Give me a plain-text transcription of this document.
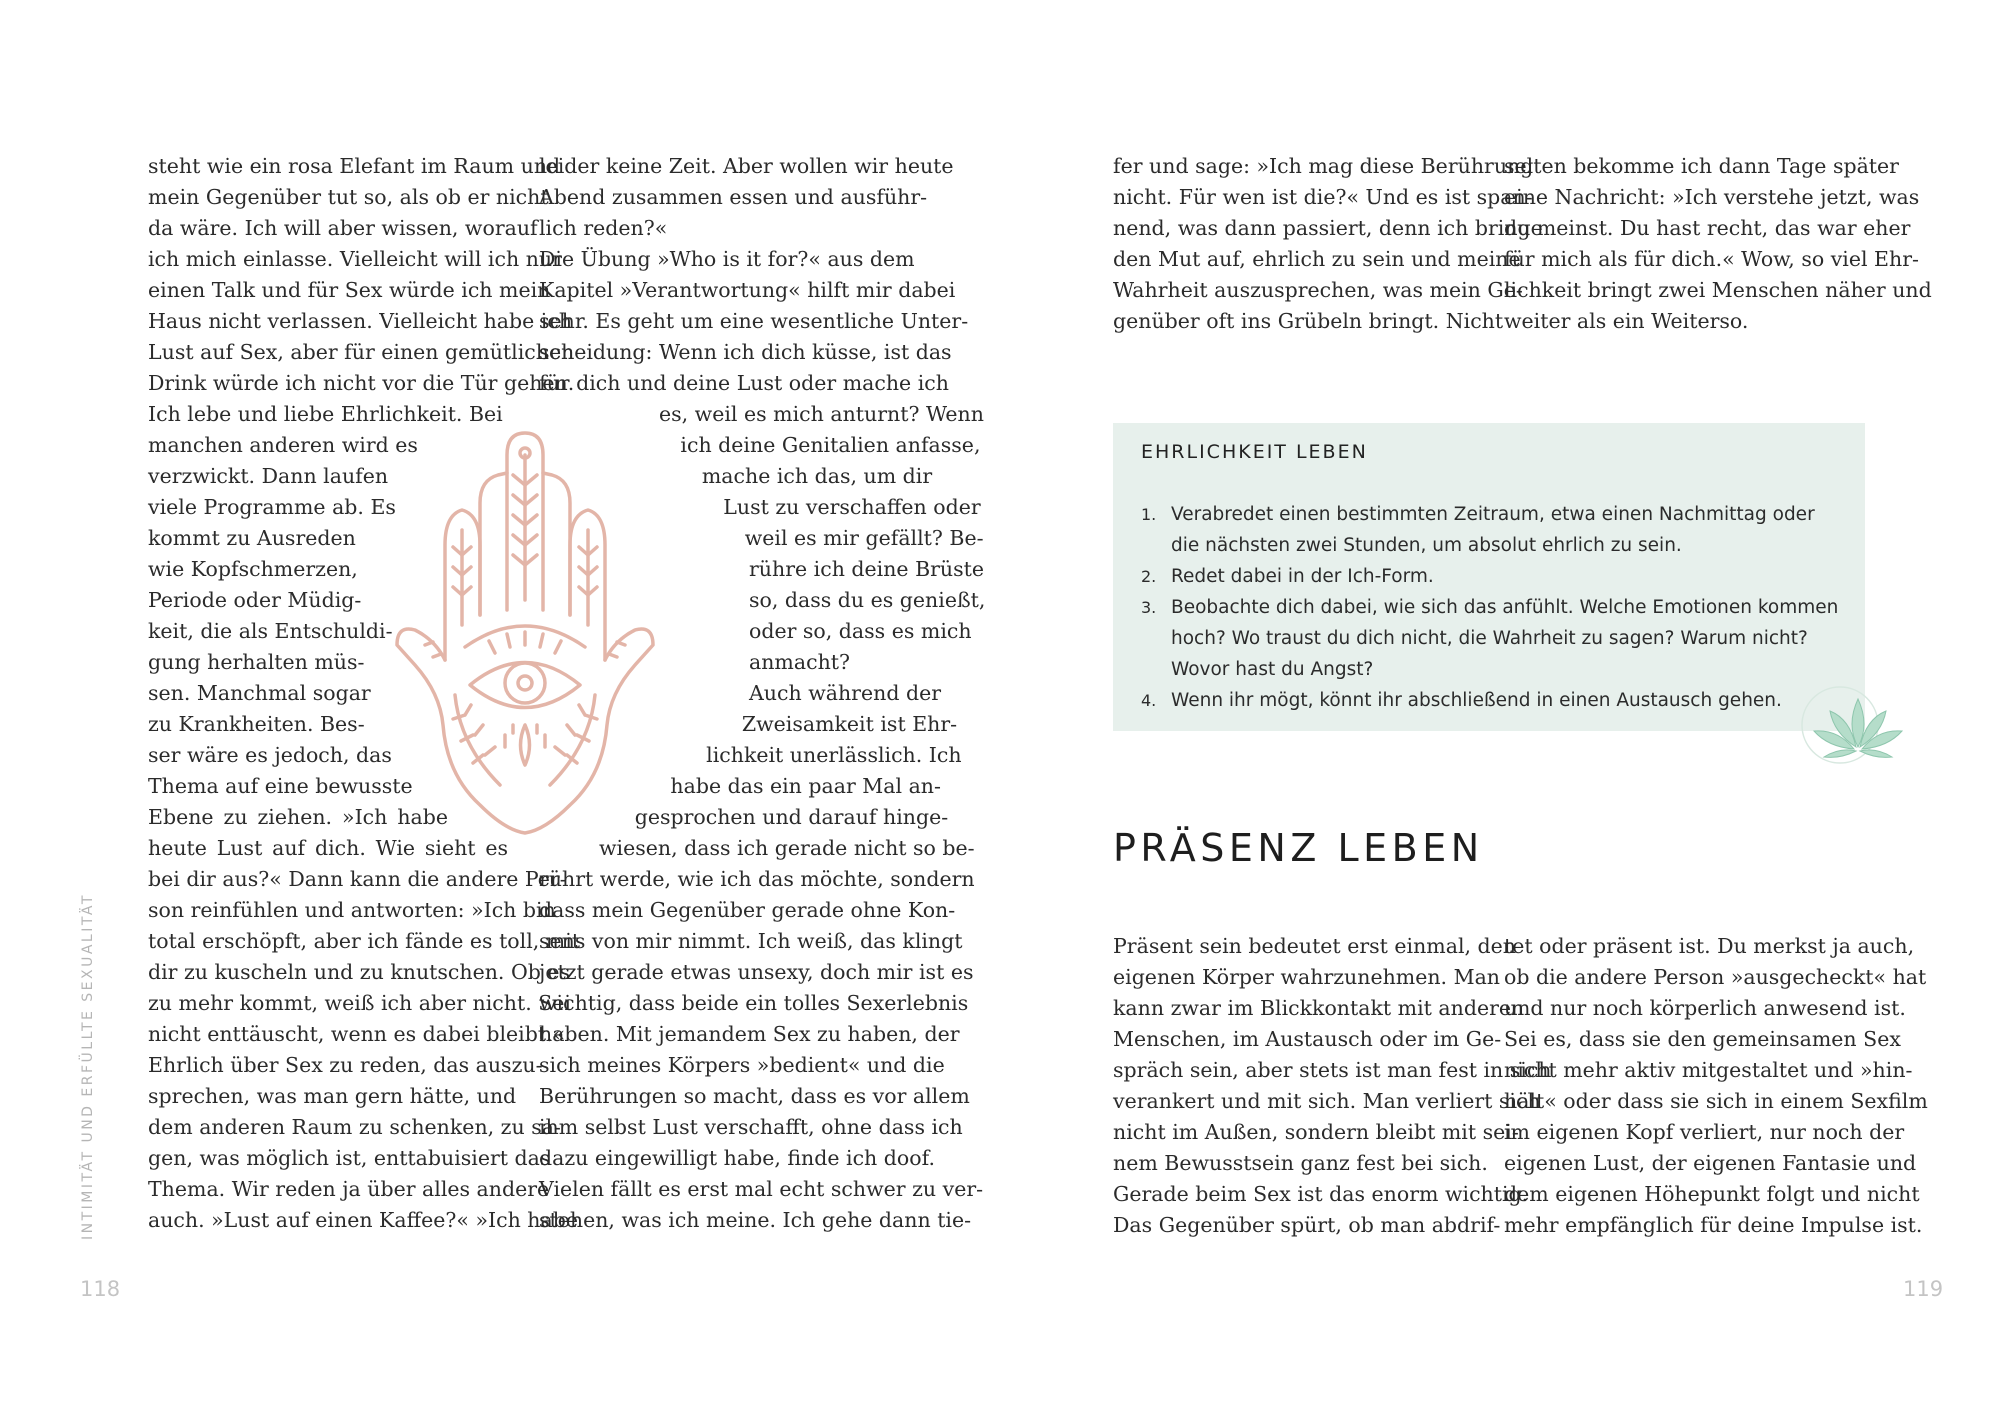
INTIMITÄT UND ERFÜLLTE SEXUALITÄT
steht wie ein rosa Elefant im Raum und
mein Gegenüber tut so, als ob er nicht
da wäre. Ich will aber wissen, worauf
ich mich einlasse. Vielleicht will ich nur
einen Talk und für Sex würde ich mein
Haus nicht verlassen. Vielleicht habe ich
Lust auf Sex, aber für einen gemütlichen
Drink würde ich nicht vor die Tür gehen.
Ich lebe und liebe Ehrlichkeit. Bei
manchen anderen wird es
verzwickt. Dann laufen
viele Programme ab. Es
kommt zu Ausreden
wie Kopfschmerzen,
Periode oder Müdig-
keit, die als Entschuldi-
gung herhalten müs-
sen. Manchmal sogar
zu Krankheiten. Bes-
ser wäre es jedoch, das
Thema auf eine bewusste
Ebene zu ziehen. »Ich habe
heute Lust auf dich. Wie sieht es
bei dir aus?« Dann kann die andere Per-
son reinfühlen und antworten: »Ich bin
total erschöpft, aber ich fände es toll, mit
dir zu kuscheln und zu knutschen. Ob es
zu mehr kommt, weiß ich aber nicht. Sei
nicht enttäuscht, wenn es dabei bleibt.«
Ehrlich über Sex zu reden, das auszu-
sprechen, was man gern hätte, und
dem anderen Raum zu schenken, zu sa-
gen, was möglich ist, enttabuisiert das
Thema. Wir reden ja über alles andere
auch. »Lust auf einen Kaffee?« »Ich habe
leider keine Zeit. Aber wollen wir heute
Abend zusammen essen und ausführ-
lich reden?«
Die Übung »Who is it for?« aus dem
Kapitel »Verantwortung« hilft mir dabei
sehr. Es geht um eine wesentliche Unter-
scheidung: Wenn ich dich küsse, ist das
für dich und deine Lust oder mache ich
es, weil es mich anturnt? Wenn
ich deine Genitalien anfasse,
mache ich das, um dir
Lust zu verschaffen oder
weil es mir gefällt? Be-
rühre ich deine Brüste
so, dass du es genießt,
oder so, dass es mich
anmacht?
Auch während der
Zweisamkeit ist Ehr-
lichkeit unerlässlich. Ich
habe das ein paar Mal an-
gesprochen und darauf hinge-
wiesen, dass ich gerade nicht so be-
rührt werde, wie ich das möchte, sondern
dass mein Gegenüber gerade ohne Kon-
sens von mir nimmt. Ich weiß, das klingt
jetzt gerade etwas unsexy, doch mir ist es
wichtig, dass beide ein tolles Sexerlebnis
haben. Mit jemandem Sex zu haben, der
sich meines Körpers »bedient« und die
Berührungen so macht, dass es vor allem
ihm selbst Lust verschafft, ohne dass ich
dazu eingewilligt habe, finde ich doof.
Vielen fällt es erst mal echt schwer zu ver-
stehen, was ich meine. Ich gehe dann tie-
118
fer und sage: »Ich mag diese Berührung
nicht. Für wen ist die?« Und es ist span-
nend, was dann passiert, denn ich bringe
den Mut auf, ehrlich zu sein und meine
Wahrheit auszusprechen, was mein Ge-
genüber oft ins Grübeln bringt. Nicht
selten bekomme ich dann Tage später
eine Nachricht: »Ich verstehe jetzt, was
du meinst. Du hast recht, das war eher
für mich als für dich.« Wow, so viel Ehr-
lichkeit bringt zwei Menschen näher und
weiter als ein Weiterso.
EHRLICHKEIT LEBEN
1. Verabredet einen bestimmten Zeitraum, etwa einen Nachmittag oder
die nächsten zwei Stunden, um absolut ehrlich zu sein.
2. Redet dabei in der Ich-Form.
3. Beobachte dich dabei, wie sich das anfühlt. Welche Emotionen kommen
hoch? Wo traust du dich nicht, die Wahrheit zu sagen? Warum nicht?
Wovor hast du Angst?
4. Wenn ihr mögt, könnt ihr abschließend in einen Austausch gehen.
PRÄSENZ LEBEN
Präsent sein bedeutet erst einmal, den
eigenen Körper wahrzunehmen. Man
kann zwar im Blickkontakt mit anderen
Menschen, im Austausch oder im Ge-
spräch sein, aber stets ist man fest in sich
verankert und mit sich. Man verliert sich
nicht im Außen, sondern bleibt mit sei-
nem Bewusstsein ganz fest bei sich.
Gerade beim Sex ist das enorm wichtig.
Das Gegenüber spürt, ob man abdrif-
tet oder präsent ist. Du merkst ja auch,
ob die andere Person »ausgecheckt« hat
und nur noch körperlich anwesend ist.
Sei es, dass sie den gemeinsamen Sex
nicht mehr aktiv mitgestaltet und »hin-
hält« oder dass sie sich in einem Sexfilm
im eigenen Kopf verliert, nur noch der
eigenen Lust, der eigenen Fantasie und
dem eigenen Höhepunkt folgt und nicht
mehr empfänglich für deine Impulse ist.
119
